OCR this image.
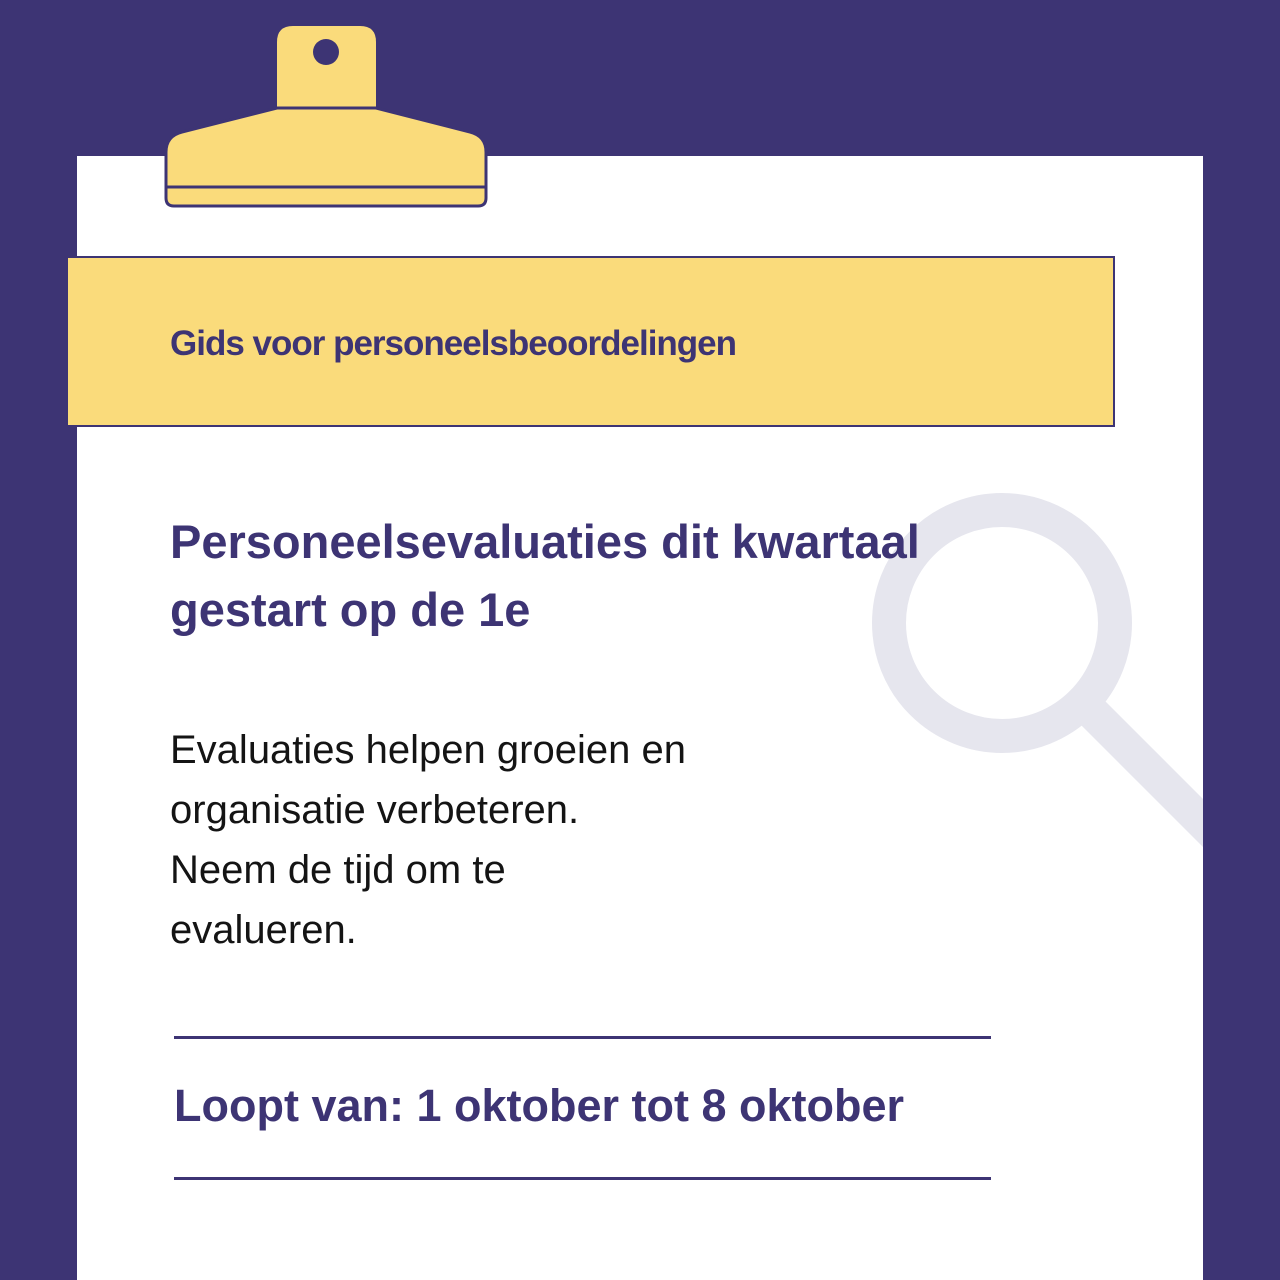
Gids voor personeelsbeoordelingen
Personeelsevaluaties dit kwartaal
gestart op de 1e
Evaluaties helpen groeien en
organisatie verbeteren.
Neem de tijd om te
evalueren.
Loopt van: 1 oktober tot 8 oktober
